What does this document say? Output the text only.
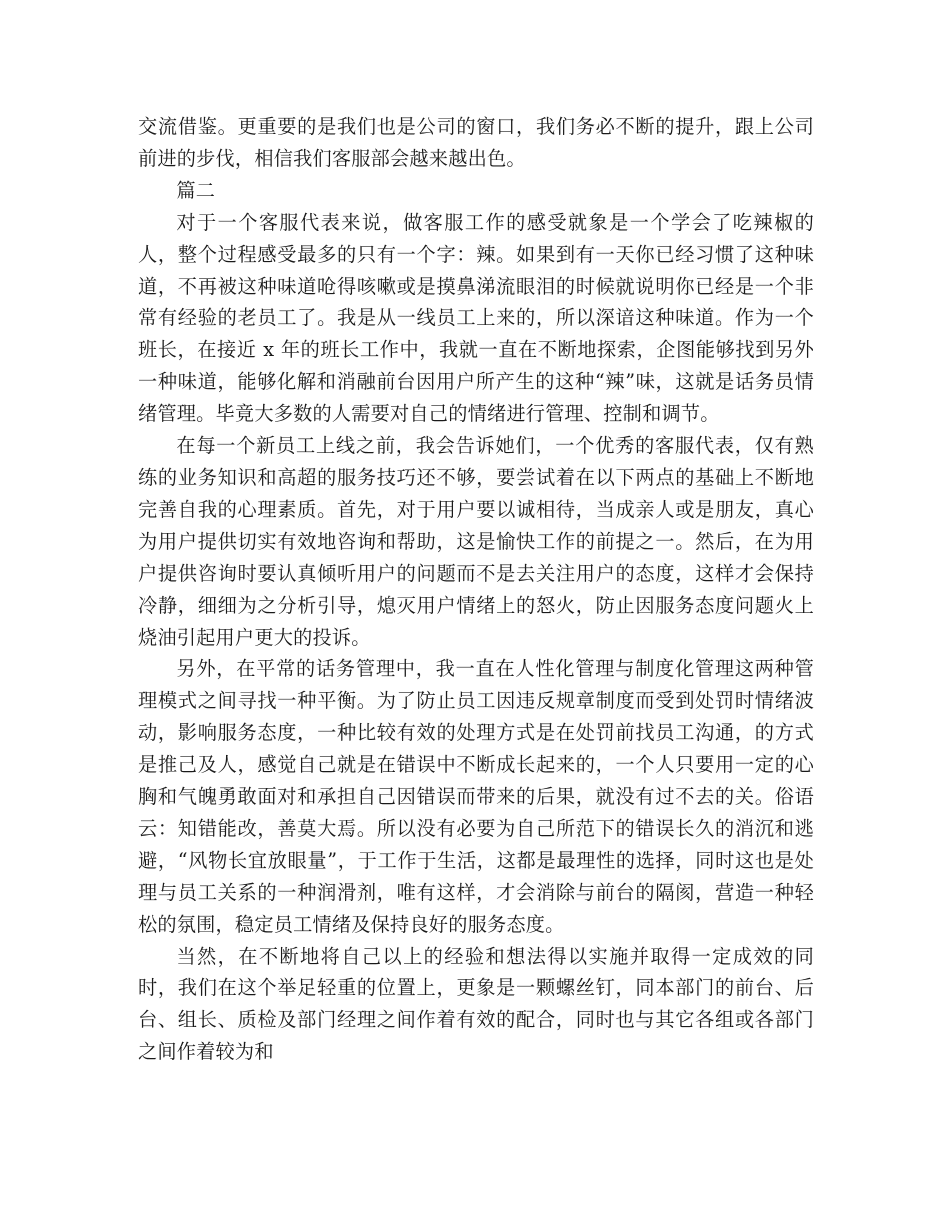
交流借鉴。更重要的是我们也是公司的窗口，我们务必不断的提升，跟上公司前进的步伐，相信我们客服部会越来越出色。

篇二

对于一个客服代表来说，做客服工作的感受就象是一个学会了吃辣椒的人，整个过程感受最多的只有一个字：辣。如果到有一天你已经习惯了这种味道，不再被这种味道呛得咳嗽或是摸鼻涕流眼泪的时候就说明你已经是一个非常有经验的老员工了。我是从一线员工上来的，所以深谙这种味道。作为一个班长，在接近 x 年的班长工作中，我就一直在不断地探索，企图能够找到另外一种味道，能够化解和消融前台因用户所产生的这种“辣”味，这就是话务员情绪管理。毕竟大多数的人需要对自己的情绪进行管理、控制和调节。

在每一个新员工上线之前，我会告诉她们，一个优秀的客服代表，仅有熟练的业务知识和高超的服务技巧还不够，要尝试着在以下两点的基础上不断地完善自我的心理素质。首先，对于用户要以诚相待，当成亲人或是朋友，真心为用户提供切实有效地咨询和帮助，这是愉快工作的前提之一。然后，在为用户提供咨询时要认真倾听用户的问题而不是去关注用户的态度，这样才会保持冷静，细细为之分析引导，熄灭用户情绪上的怒火，防止因服务态度问题火上烧油引起用户更大的投诉。

另外，在平常的话务管理中，我一直在人性化管理与制度化管理这两种管理模式之间寻找一种平衡。为了防止员工因违反规章制度而受到处罚时情绪波动，影响服务态度，一种比较有效的处理方式是在处罚前找员工沟通，的方式是推己及人，感觉自己就是在错误中不断成长起来的，一个人只要用一定的心胸和气魄勇敢面对和承担自己因错误而带来的后果，就没有过不去的关。俗语云：知错能改，善莫大焉。所以没有必要为自己所范下的错误长久的消沉和逃避，“风物长宜放眼量”，于工作于生活，这都是最理性的选择，同时这也是处理与员工关系的一种润滑剂，唯有这样，才会消除与前台的隔阂，营造一种轻松的氛围，稳定员工情绪及保持良好的服务态度。

当然，在不断地将自己以上的经验和想法得以实施并取得一定成效的同时，我们在这个举足轻重的位置上，更象是一颗螺丝钉，同本部门的前台、后台、组长、质检及部门经理之间作着有效的配合，同时也与其它各组或各部门之间作着较为和
